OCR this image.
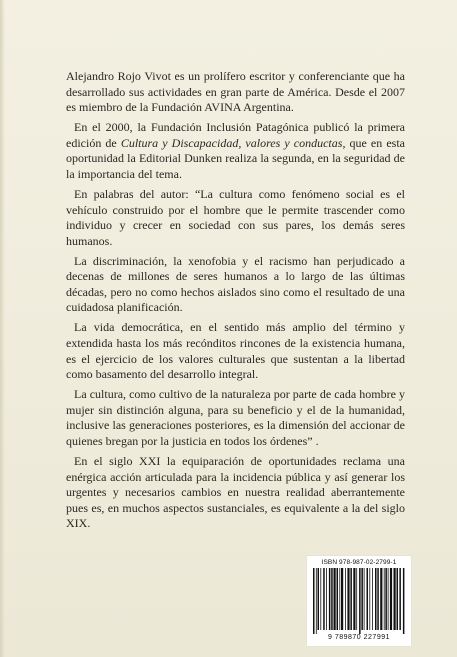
Alejandro Rojo Vivot es un prolífero escritor y conferenciante que ha desarrollado sus actividades en gran parte de América. Desde el 2007 es miembro de la Fundación AVINA Argentina.

En el 2000, la Fundación Inclusión Patagónica publicó la primera edición de Cultura y Discapacidad, valores y conductas, que en esta oportunidad la Editorial Dunken realiza la segunda, en la seguridad de la importancia del tema.

En palabras del autor: “La cultura como fenómeno social es el vehículo construido por el hombre que le permite trascender como individuo y crecer en sociedad con sus pares, los demás seres humanos.

La discriminación, la xenofobia y el racismo han perjudicado a decenas de millones de seres humanos a lo largo de las últimas décadas, pero no como hechos aislados sino como el resultado de una cuidadosa planificación.

La vida democrática, en el sentido más amplio del término y extendida hasta los más recónditos rincones de la existencia humana, es el ejercicio de los valores culturales que sustentan a la libertad como basamento del desarrollo integral.

La cultura, como cultivo de la naturaleza por parte de cada hombre y mujer sin distinción alguna, para su beneficio y el de la humanidad, inclusive las generaciones posteriores, es la dimensión del accionar de quienes bregan por la justicia en todos los órdenes” .

En el siglo XXI la equiparación de oportunidades reclama una enérgica acción articulada para la incidencia pública y así generar los urgentes y necesarios cambios en nuestra realidad aberrantemente pues es, en muchos aspectos sustanciales, es equivalente a la del siglo XIX.

ISBN 978-987-02-2799-1
9 789870 227991
